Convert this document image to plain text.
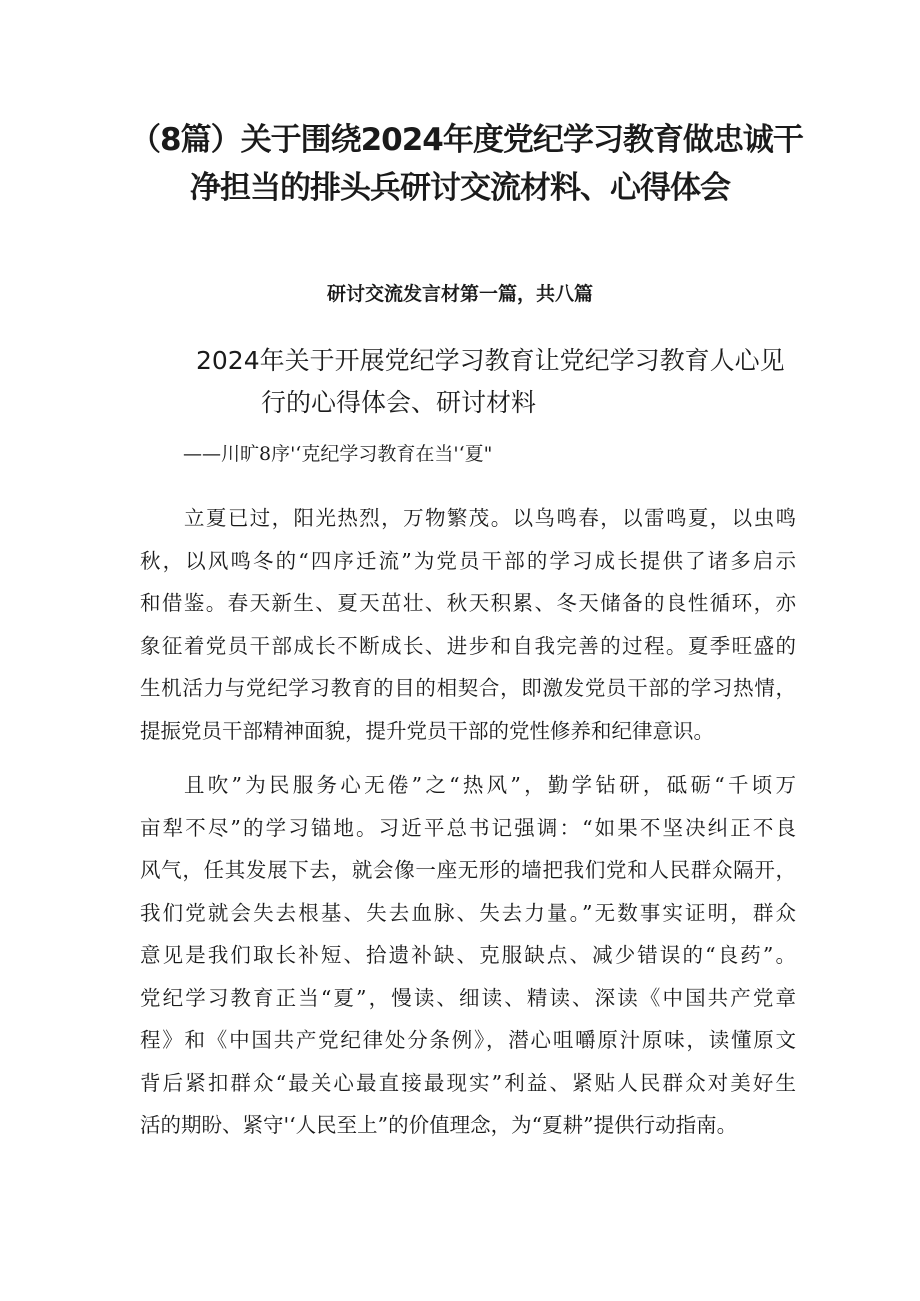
（8篇）关于围绕2024年度党纪学习教育做忠诚干
净担当的排头兵研讨交流材料、心得体会
研讨交流发言材第一篇，共八篇
2024年关于开展党纪学习教育让党纪学习教育人心见
行的心得体会、研讨材料
——川旷8序'‘克纪学习教育在当'‘夏"
立夏已过，阳光热烈，万物繁茂。以鸟鸣春，以雷鸣夏，以虫鸣
秋，以风鸣冬的“四序迁流”为党员干部的学习成长提供了诸多启示
和借鉴。春天新生、夏天茁壮、秋天积累、冬天储备的良性循环，亦
象征着党员干部成长不断成长、进步和自我完善的过程。夏季旺盛的
生机活力与党纪学习教育的目的相契合，即激发党员干部的学习热情，
提振党员干部精神面貌，提升党员干部的党性修养和纪律意识。
且吹”为民服务心无倦”之“热风”，勤学钻研，砥砺“千顷万
亩犁不尽”的学习锚地。习近平总书记强调：“如果不坚决纠正不良
风气，任其发展下去，就会像一座无形的墙把我们党和人民群众隔开，
我们党就会失去根基、失去血脉、失去力量。”无数事实证明，群众
意见是我们取长补短、拾遗补缺、克服缺点、减少错误的“良药”。
党纪学习教育正当“夏”，慢读、细读、精读、深读《中国共产党章
程》和《中国共产党纪律处分条例》，潜心咀嚼原汁原味，读懂原文
背后紧扣群众“最关心最直接最现实”利益、紧贴人民群众对美好生
活的期盼、紧守'‘人民至上”的价值理念，为“夏耕”提供行动指南。
